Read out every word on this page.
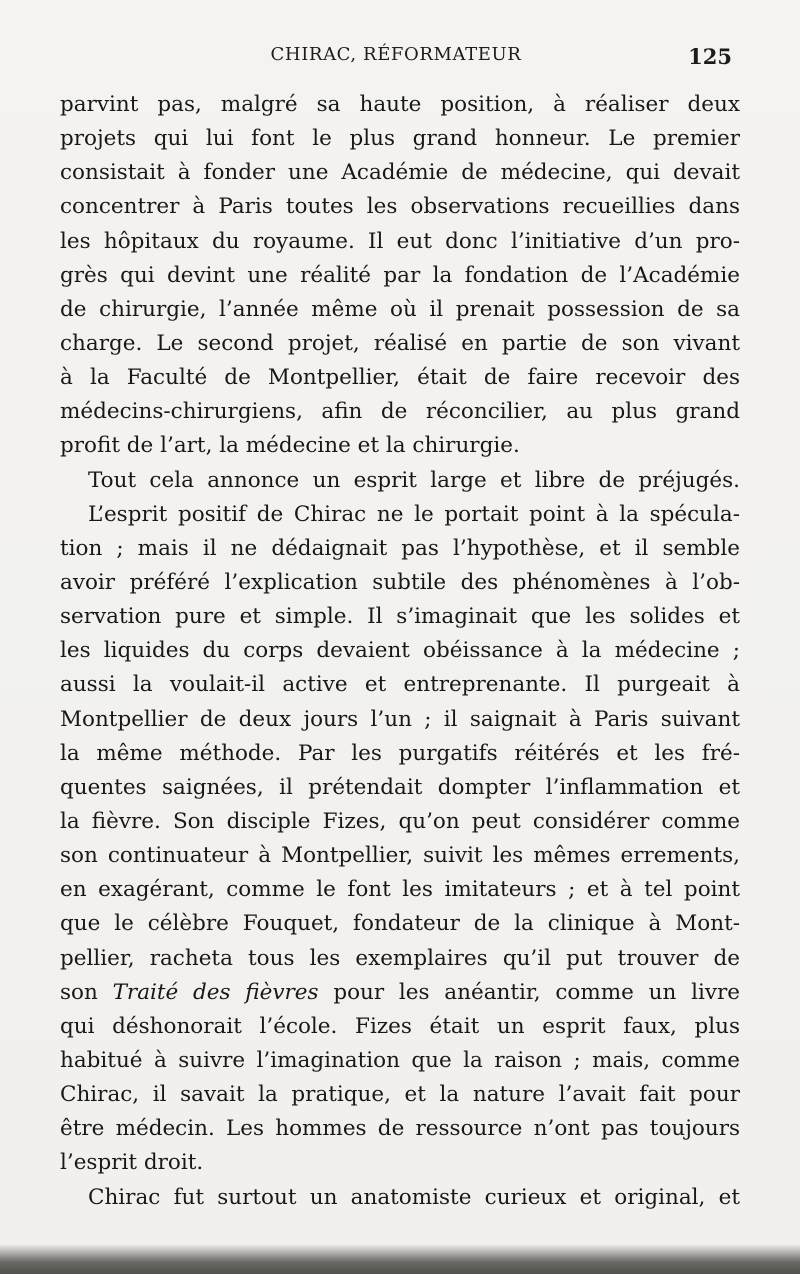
CHIRAC, RÉFORMATEUR	125
parvint pas, malgré sa haute position, à réaliser deux
projets qui lui font le plus grand honneur. Le premier
consistait à fonder une Académie de médecine, qui devait
concentrer à Paris toutes les observations recueillies dans
les hôpitaux du royaume. Il eut donc l’initiative d’un pro-
grès qui devint une réalité par la fondation de l’Académie
de chirurgie, l’année même où il prenait possession de sa
charge. Le second projet, réalisé en partie de son vivant
à la Faculté de Montpellier, était de faire recevoir des
médecins-chirurgiens, afin de réconcilier, au plus grand
profit de l’art, la médecine et la chirurgie.
Tout cela annonce un esprit large et libre de préjugés.
L’esprit positif de Chirac ne le portait point à la spécula-
tion ; mais il ne dédaignait pas l’hypothèse, et il semble
avoir préféré l’explication subtile des phénomènes à l’ob-
servation pure et simple. Il s’imaginait que les solides et
les liquides du corps devaient obéissance à la médecine ;
aussi la voulait-il active et entreprenante. Il purgeait à
Montpellier de deux jours l’un ; il saignait à Paris suivant
la même méthode. Par les purgatifs réitérés et les fré-
quentes saignées, il prétendait dompter l’inflammation et
la fièvre. Son disciple Fizes, qu’on peut considérer comme
son continuateur à Montpellier, suivit les mêmes errements,
en exagérant, comme le font les imitateurs ; et à tel point
que le célèbre Fouquet, fondateur de la clinique à Mont-
pellier, racheta tous les exemplaires qu’il put trouver de
son Traité des fièvres pour les anéantir, comme un livre
qui déshonorait l’école. Fizes était un esprit faux, plus
habitué à suivre l’imagination que la raison ; mais, comme
Chirac, il savait la pratique, et la nature l’avait fait pour
être médecin. Les hommes de ressource n’ont pas toujours
l’esprit droit.
Chirac fut surtout un anatomiste curieux et original, et
